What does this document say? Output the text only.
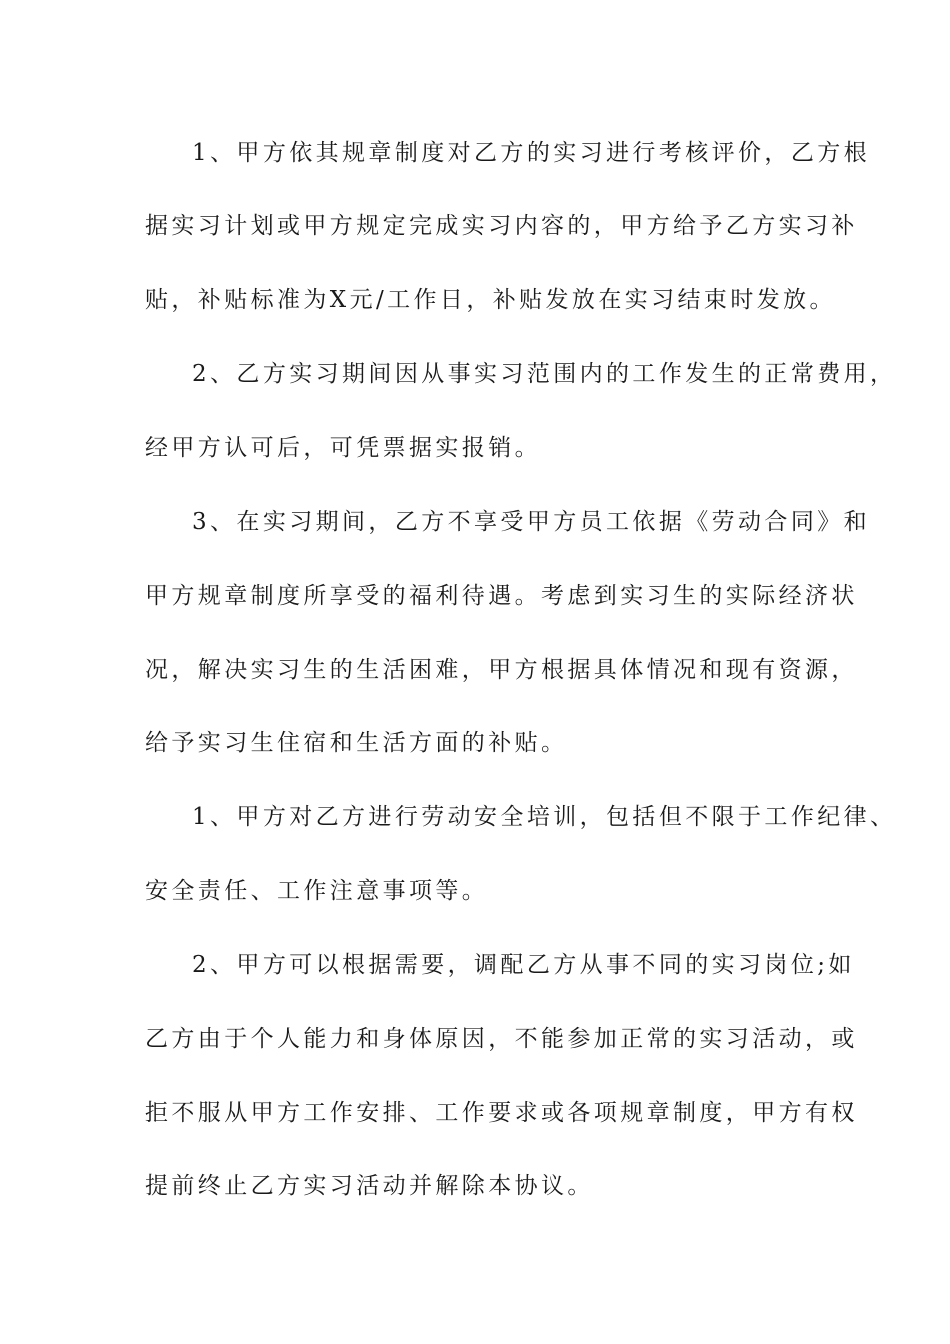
1、甲方依其规章制度对乙方的实习进行考核评价，乙方根
据实习计划或甲方规定完成实习内容的，甲方给予乙方实习补
贴，补贴标准为X元/工作日，补贴发放在实习结束时发放。
2、乙方实习期间因从事实习范围内的工作发生的正常费用，
经甲方认可后，可凭票据实报销。
3、在实习期间，乙方不享受甲方员工依据《劳动合同》和
甲方规章制度所享受的福利待遇。考虑到实习生的实际经济状
况，解决实习生的生活困难，甲方根据具体情况和现有资源，
给予实习生住宿和生活方面的补贴。
1、甲方对乙方进行劳动安全培训，包括但不限于工作纪律、
安全责任、工作注意事项等。
2、甲方可以根据需要，调配乙方从事不同的实习岗位;如
乙方由于个人能力和身体原因，不能参加正常的实习活动，或
拒不服从甲方工作安排、工作要求或各项规章制度，甲方有权
提前终止乙方实习活动并解除本协议。
